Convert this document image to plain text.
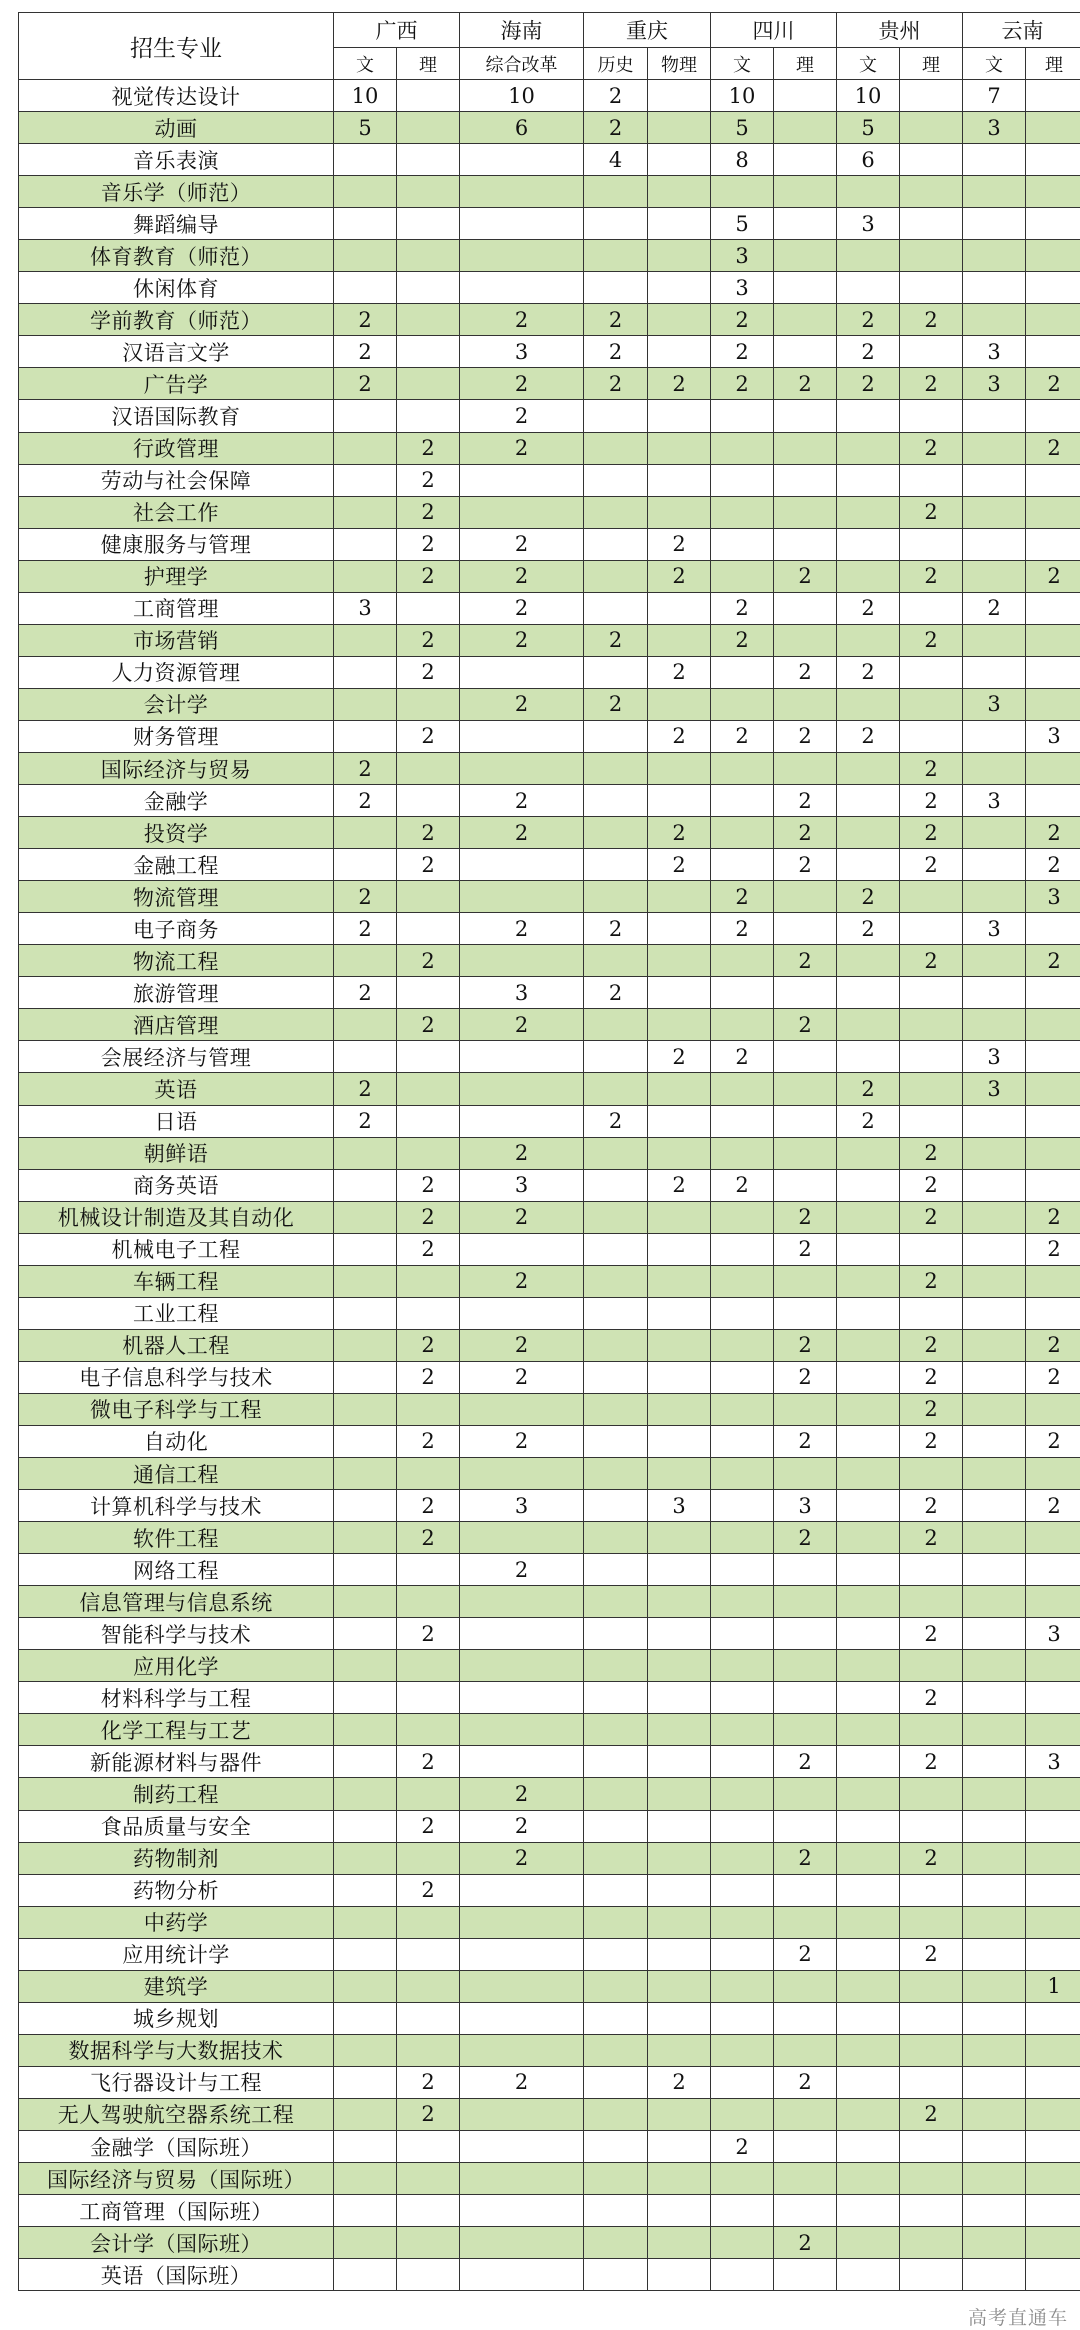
招生专业	广西		海南	重庆		四川		贵州		云南	
	文	理	综合改革	历史	物理	文	理	文	理	文	理
视觉传达设计	10		10	2		10		10		7	
动画	5		6	2		5		5		3	
音乐表演				4		8		6			
音乐学（师范）											
舞蹈编导						5		3			
体育教育（师范）						3					
休闲体育						3					
学前教育（师范）	2		2	2		2		2	2		
汉语言文学	2		3	2		2		2		3	
广告学	2		2	2	2	2	2	2	2	3	2
汉语国际教育			2								
行政管理		2	2						2		2
劳动与社会保障		2									
社会工作		2							2		
健康服务与管理		2	2		2						
护理学		2	2		2		2		2		2
工商管理	3		2			2		2		2	
市场营销		2	2	2		2			2		
人力资源管理		2			2		2	2			
会计学			2	2						3	
财务管理		2			2	2	2	2			3
国际经济与贸易	2								2		
金融学	2		2				2		2	3	
投资学		2	2		2		2		2		2
金融工程		2			2		2		2		2
物流管理	2					2		2			3
电子商务	2		2	2		2		2		3	
物流工程		2					2		2		2
旅游管理	2		3	2							
酒店管理		2	2				2				
会展经济与管理					2	2				3	
英语	2							2		3	
日语	2			2				2			
朝鲜语			2						2		
商务英语		2	3		2	2			2		
机械设计制造及其自动化		2	2				2		2		2
机械电子工程		2					2				2
车辆工程			2						2		
工业工程											
机器人工程		2	2				2		2		2
电子信息科学与技术		2	2				2		2		2
微电子科学与工程									2		
自动化		2	2				2		2		2
通信工程											
计算机科学与技术		2	3		3		3		2		2
软件工程		2					2		2		
网络工程			2								
信息管理与信息系统											
智能科学与技术		2							2		3
应用化学											
材料科学与工程									2		
化学工程与工艺											
新能源材料与器件		2					2		2		3
制药工程			2								
食品质量与安全		2	2								
药物制剂			2				2		2		
药物分析		2									
中药学											
应用统计学							2		2		
建筑学											1
城乡规划											
数据科学与大数据技术											
飞行器设计与工程		2	2		2		2				
无人驾驶航空器系统工程		2							2		
金融学（国际班）						2					
国际经济与贸易（国际班）											
工商管理（国际班）											
会计学（国际班）							2				
英语（国际班）											
高考直通车
